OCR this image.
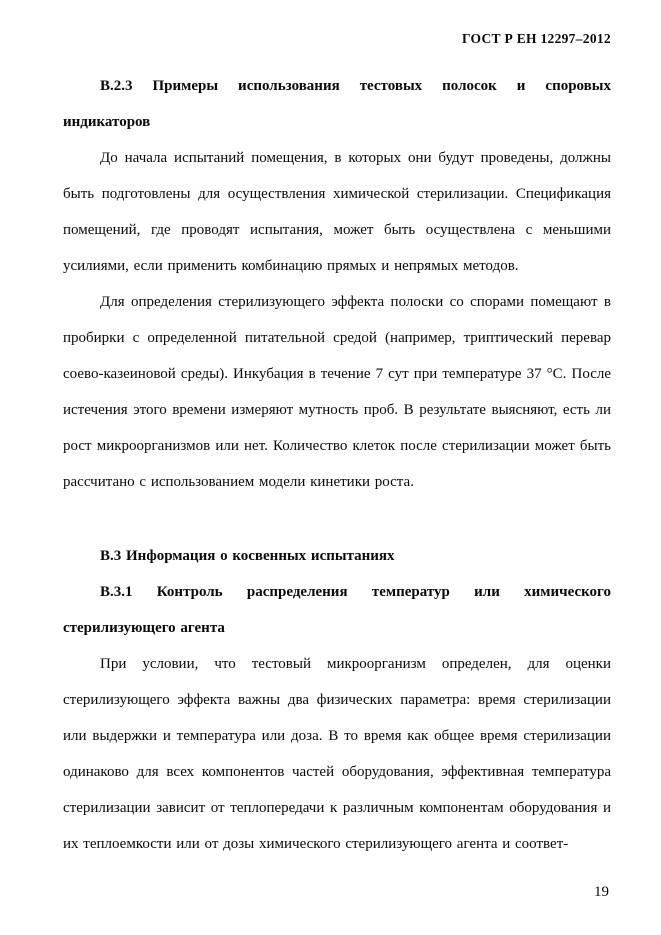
ГОСТ Р ЕН 12297–2012

В.2.3 Примеры использования тестовых полосок и споровых индикаторов

До начала испытаний помещения, в которых они будут проведены, должны быть подготовлены для осуществления химической стерилизации. Спецификация помещений, где проводят испытания, может быть осуществлена с меньшими усилиями, если применить комбинацию прямых и непрямых методов.

Для определения стерилизующего эффекта полоски со спорами помещают в пробирки с определенной питательной средой (например, триптический перевар соево-казеиновой среды). Инкубация в течение 7 сут при температуре 37 °С. После истечения этого времени измеряют мутность проб. В результате выясняют, есть ли рост микроорганизмов или нет. Количество клеток после стерилизации может быть рассчитано с использованием модели кинетики роста.

В.3 Информация о косвенных испытаниях

В.3.1 Контроль распределения температур или химического стерилизующего агента

При условии, что тестовый микроорганизм определен, для оценки стерилизующего эффекта важны два физических параметра: время стерилизации или выдержки и температура или доза. В то время как общее время стерилизации одинаково для всех компонентов частей оборудования, эффективная температура стерилизации зависит от теплопередачи к различным компонентам оборудования и их теплоемкости или от дозы химического стерилизующего агента и соответ-

19
